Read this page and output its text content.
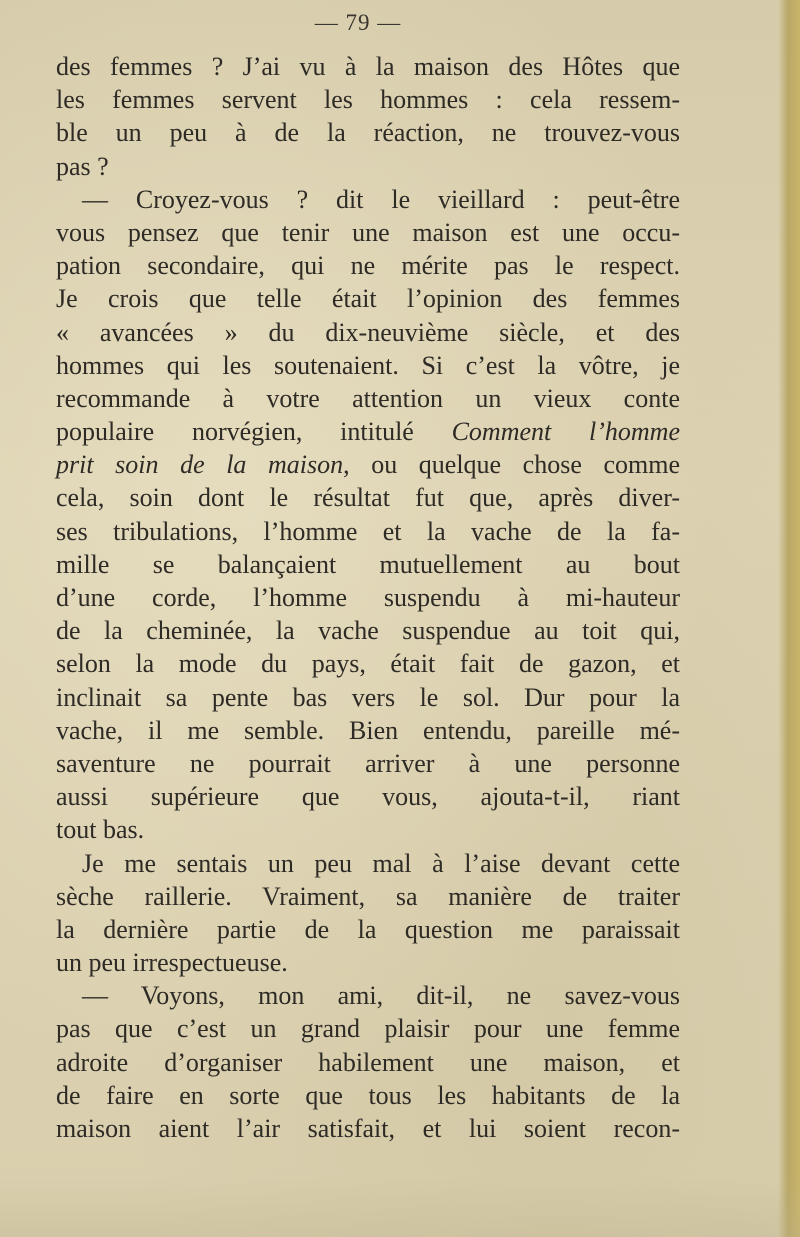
— 79 —
des femmes ? J’ai vu à la maison des Hôtes que
les femmes servent les hommes : cela ressem-
ble un peu à de la réaction, ne trouvez-vous
pas ?
— Croyez-vous ? dit le vieillard : peut-être
vous pensez que tenir une maison est une occu-
pation secondaire, qui ne mérite pas le respect.
Je crois que telle était l’opinion des femmes
« avancées » du dix-neuvième siècle, et des
hommes qui les soutenaient. Si c’est la vôtre, je
recommande à votre attention un vieux conte
populaire norvégien, intitulé Comment l’homme
prit soin de la maison, ou quelque chose comme
cela, soin dont le résultat fut que, après diver-
ses tribulations, l’homme et la vache de la fa-
mille se balançaient mutuellement au bout
d’une corde, l’homme suspendu à mi-hauteur
de la cheminée, la vache suspendue au toit qui,
selon la mode du pays, était fait de gazon, et
inclinait sa pente bas vers le sol. Dur pour la
vache, il me semble. Bien entendu, pareille mé-
saventure ne pourrait arriver à une personne
aussi supérieure que vous, ajouta-t-il, riant
tout bas.
Je me sentais un peu mal à l’aise devant cette
sèche raillerie. Vraiment, sa manière de traiter
la dernière partie de la question me paraissait
un peu irrespectueuse.
— Voyons, mon ami, dit-il, ne savez-vous
pas que c’est un grand plaisir pour une femme
adroite d’organiser habilement une maison, et
de faire en sorte que tous les habitants de la
maison aient l’air satisfait, et lui soient recon-
